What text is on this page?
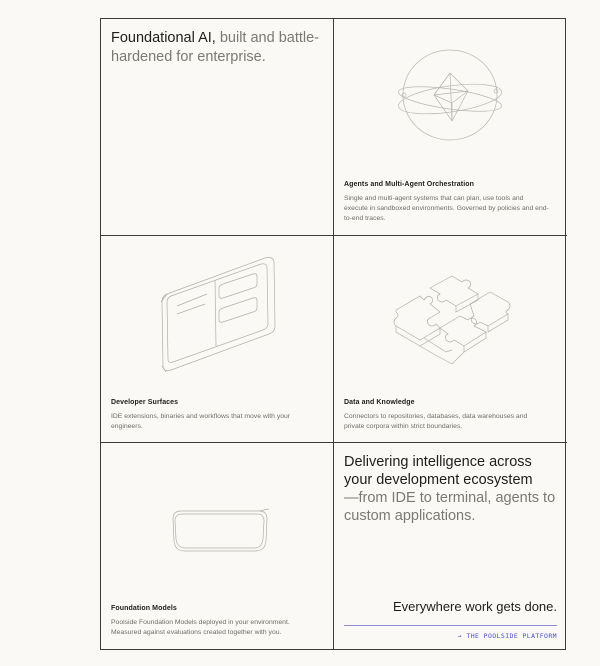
Foundational AI, built and battle-hardened for enterprise.
Agents and Multi-Agent Orchestration

Single and multi-agent systems that can plan, use tools and execute in sandboxed environments. Governed by policies and end-to-end traces.

Developer Surfaces

IDE extensions, binaries and workflows that move with your engineers.

Data and Knowledge

Connectors to repositories, databases, data warehouses and private corpora within strict boundaries.

Foundation Models

Poolside Foundation Models deployed in your environment. Measured against evaluations created together with you.

Delivering intelligence across your development ecosystem
—from IDE to terminal, agents to custom applications.

Everywhere work gets done.

→ THE POOLSIDE PLATFORM
